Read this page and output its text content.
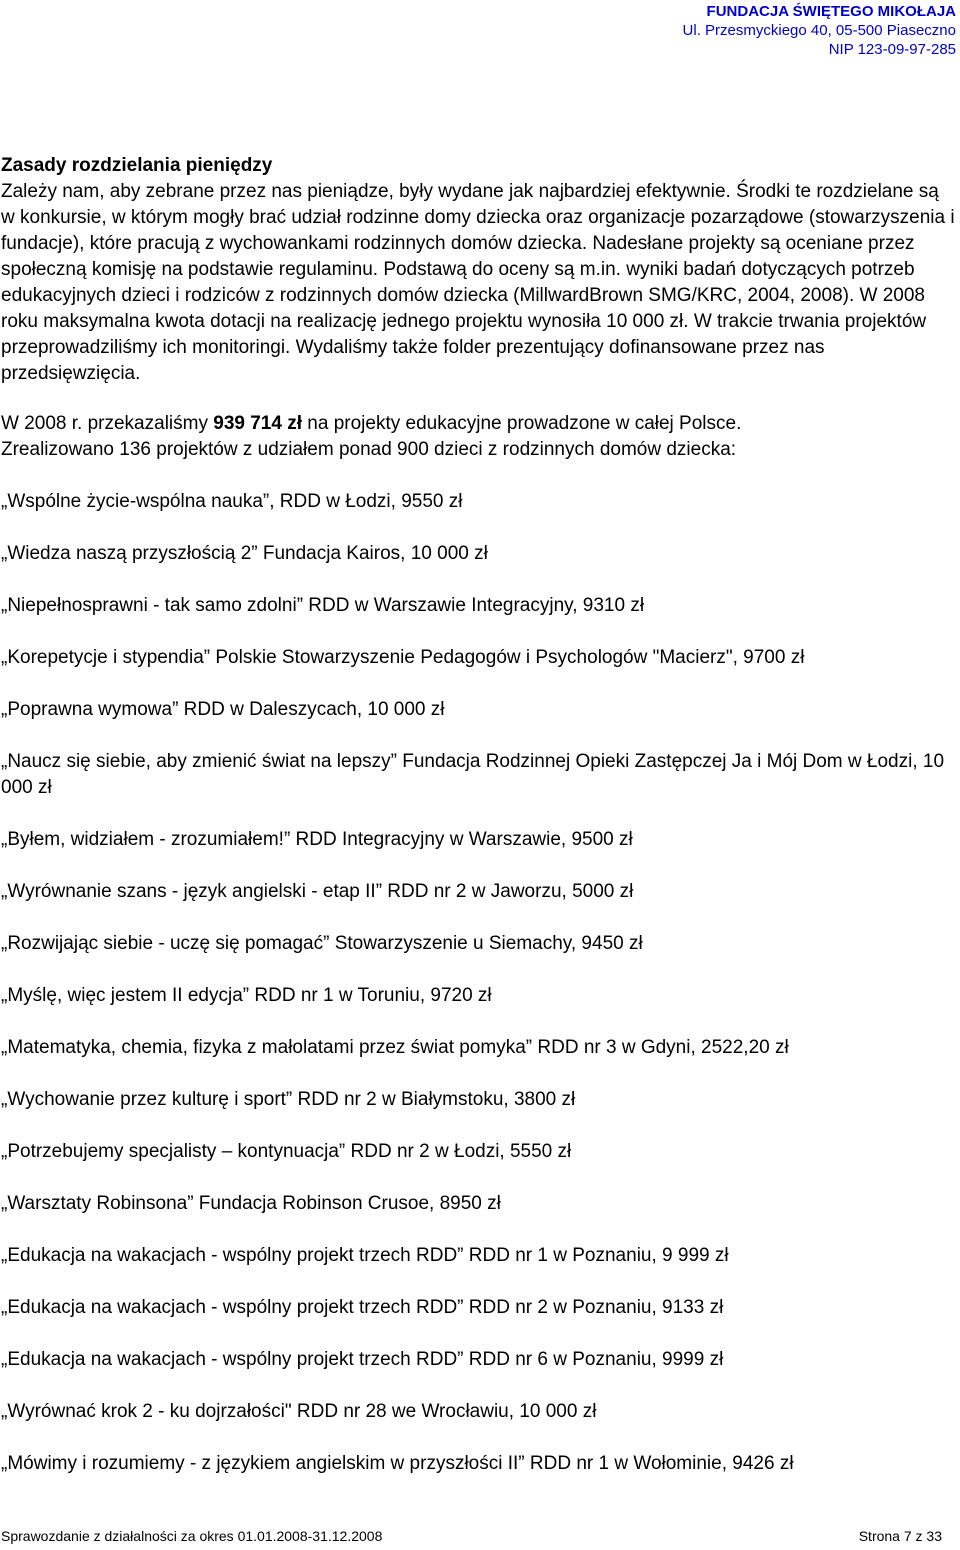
FUNDACJA ŚWIĘTEGO MIKOŁAJA
Ul. Przesmyckiego 40, 05-500 Piaseczno
NIP 123-09-97-285
Zasady rozdzielania pieniędzy

Zależy nam, aby zebrane przez nas pieniądze, były wydane jak najbardziej efektywnie. Środki te rozdzielane są w konkursie, w którym mogły brać udział rodzinne domy dziecka oraz organizacje pozarządowe (stowarzyszenia i fundacje), które pracują z wychowankami rodzinnych domów dziecka. Nadesłane projekty są oceniane przez społeczną komisję na podstawie regulaminu. Podstawą do oceny są m.in. wyniki badań dotyczących potrzeb edukacyjnych dzieci i rodziców z rodzinnych domów dziecka (MillwardBrown SMG/KRC, 2004, 2008). W 2008 roku maksymalna kwota dotacji na realizację jednego projektu wynosiła 10 000 zł. W trakcie trwania projektów przeprowadziliśmy ich monitoringi. Wydaliśmy także folder prezentujący dofinansowane przez nas przedsięwzięcia.

W 2008 r. przekazaliśmy 939 714 zł na projekty edukacyjne prowadzone w całej Polsce.
Zrealizowano 136 projektów z udziałem ponad 900 dzieci z rodzinnych domów dziecka:
„Wspólne życie-wspólna nauka”, RDD w Łodzi, 9550 zł
„Wiedza naszą przyszłością 2” Fundacja Kairos, 10 000 zł
„Niepełnosprawni - tak samo zdolni” RDD w Warszawie Integracyjny, 9310 zł
„Korepetycje i stypendia” Polskie Stowarzyszenie Pedagogów i Psychologów "Macierz", 9700 zł
„Poprawna wymowa” RDD w Daleszycach, 10 000 zł
„Naucz się siebie, aby zmienić świat na lepszy” Fundacja Rodzinnej Opieki Zastępczej Ja i Mój Dom w Łodzi, 10 000 zł
„Byłem, widziałem - zrozumiałem!” RDD Integracyjny w Warszawie, 9500 zł
„Wyrównanie szans - język angielski - etap II” RDD nr 2 w Jaworzu, 5000 zł
„Rozwijając siebie - uczę się pomagać” Stowarzyszenie u Siemachy, 9450 zł
„Myślę, więc jestem II edycja” RDD nr 1 w Toruniu, 9720 zł
„Matematyka, chemia, fizyka z małolatami przez świat pomyka” RDD nr 3 w Gdyni, 2522,20 zł
„Wychowanie przez kulturę i sport” RDD nr 2 w Białymstoku, 3800 zł
„Potrzebujemy specjalisty – kontynuacja” RDD nr 2 w Łodzi, 5550 zł
„Warsztaty Robinsona” Fundacja Robinson Crusoe, 8950 zł
„Edukacja na wakacjach - wspólny projekt trzech RDD” RDD nr 1 w Poznaniu, 9 999 zł
„Edukacja na wakacjach - wspólny projekt trzech RDD” RDD nr 2 w Poznaniu, 9133 zł
„Edukacja na wakacjach - wspólny projekt trzech RDD” RDD nr 6 w Poznaniu, 9999 zł
„Wyrównać krok 2 - ku dojrzałości" RDD nr 28 we Wrocławiu, 10 000 zł
„Mówimy i rozumiemy - z językiem angielskim w przyszłości II” RDD nr 1 w Wołominie, 9426 zł
Sprawozdanie z działalności za okres 01.01.2008-31.12.2008	Strona 7 z 33
